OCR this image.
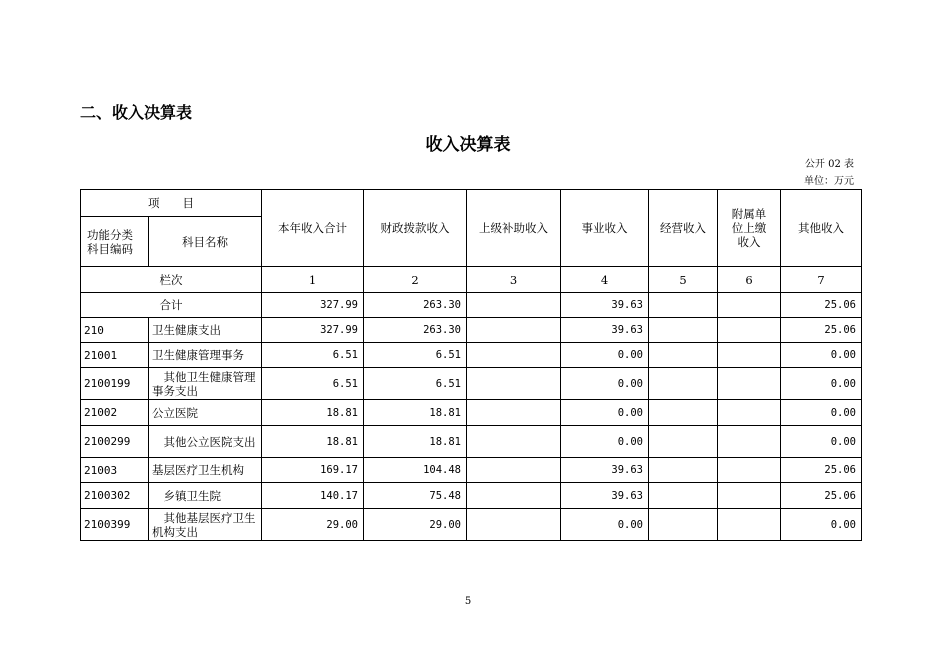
二、收入决算表
收入决算表
公开 02 表
单位：万元
项　　目		本年收入合计	财政拨款收入	上级补助收入	事业收入	经营收入	附属单位上缴收入	其他收入
功能分类科目编码	科目名称							
栏次		1	2	3	4	5	6	7
合计		327.99	263.30		39.63			25.06
210	卫生健康支出	327.99	263.30		39.63			25.06
21001	卫生健康管理事务	6.51	6.51		0.00			0.00
2100199	　其他卫生健康管理事务支出	6.51	6.51		0.00			0.00
21002	公立医院	18.81	18.81		0.00			0.00
2100299	　其他公立医院支出	18.81	18.81		0.00			0.00
21003	基层医疗卫生机构	169.17	104.48		39.63			25.06
2100302	　乡镇卫生院	140.17	75.48		39.63			25.06
2100399	　其他基层医疗卫生机构支出	29.00	29.00		0.00			0.00
5
